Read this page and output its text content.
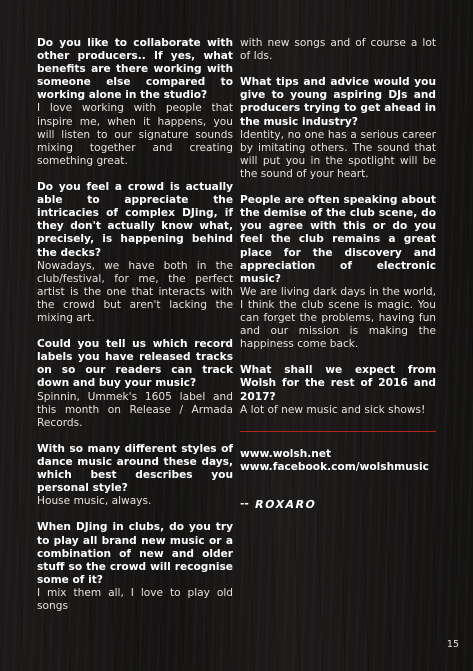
Do you like to collaborate with other producers.. If yes, what benefits are there working with someone else compared to working alone in the studio?
I love working with people that inspire me, when it happens, you will listen to our signature sounds mixing together and creating something great.
Do you feel a crowd is actually able to appreciate the intricacies of complex DJing, if they don't actually know what, precisely, is happening behind the decks?
Nowadays, we have both in the club/festival, for me, the perfect artist is the one that interacts with the crowd but aren't lacking the mixing art.
Could you tell us which record labels you have released tracks on so our readers can track down and buy your music?
Spinnin, Ummek's 1605 label and this month on Release / Armada Records.
With so many different styles of dance music around these days, which best describes you personal style?
House music, always.
When DJing in clubs, do you try to play all brand new music or a combination of new and older stuff so the crowd will recognise some of it?
I mix them all, I love to play old songs
with new songs and of course a lot of Ids.
What tips and advice would you give to young aspiring DJs and producers trying to get ahead in the music industry?
Identity, no one has a serious career by imitating others. The sound that will put you in the spotlight will be the sound of your heart.
People are often speaking about the demise of the club scene, do you agree with this or do you feel the club remains a great place for the discovery and appreciation of electronic music?
We are living dark days in the world, I think the club scene is magic. You can forget the problems, having fun and our mission is making the happiness come back.
What shall we expect from Wolsh for the rest of 2016 and 2017?
A lot of new music and sick shows!
www.wolsh.net
www.facebook.com/wolshmusic
-- ROXARO
15
